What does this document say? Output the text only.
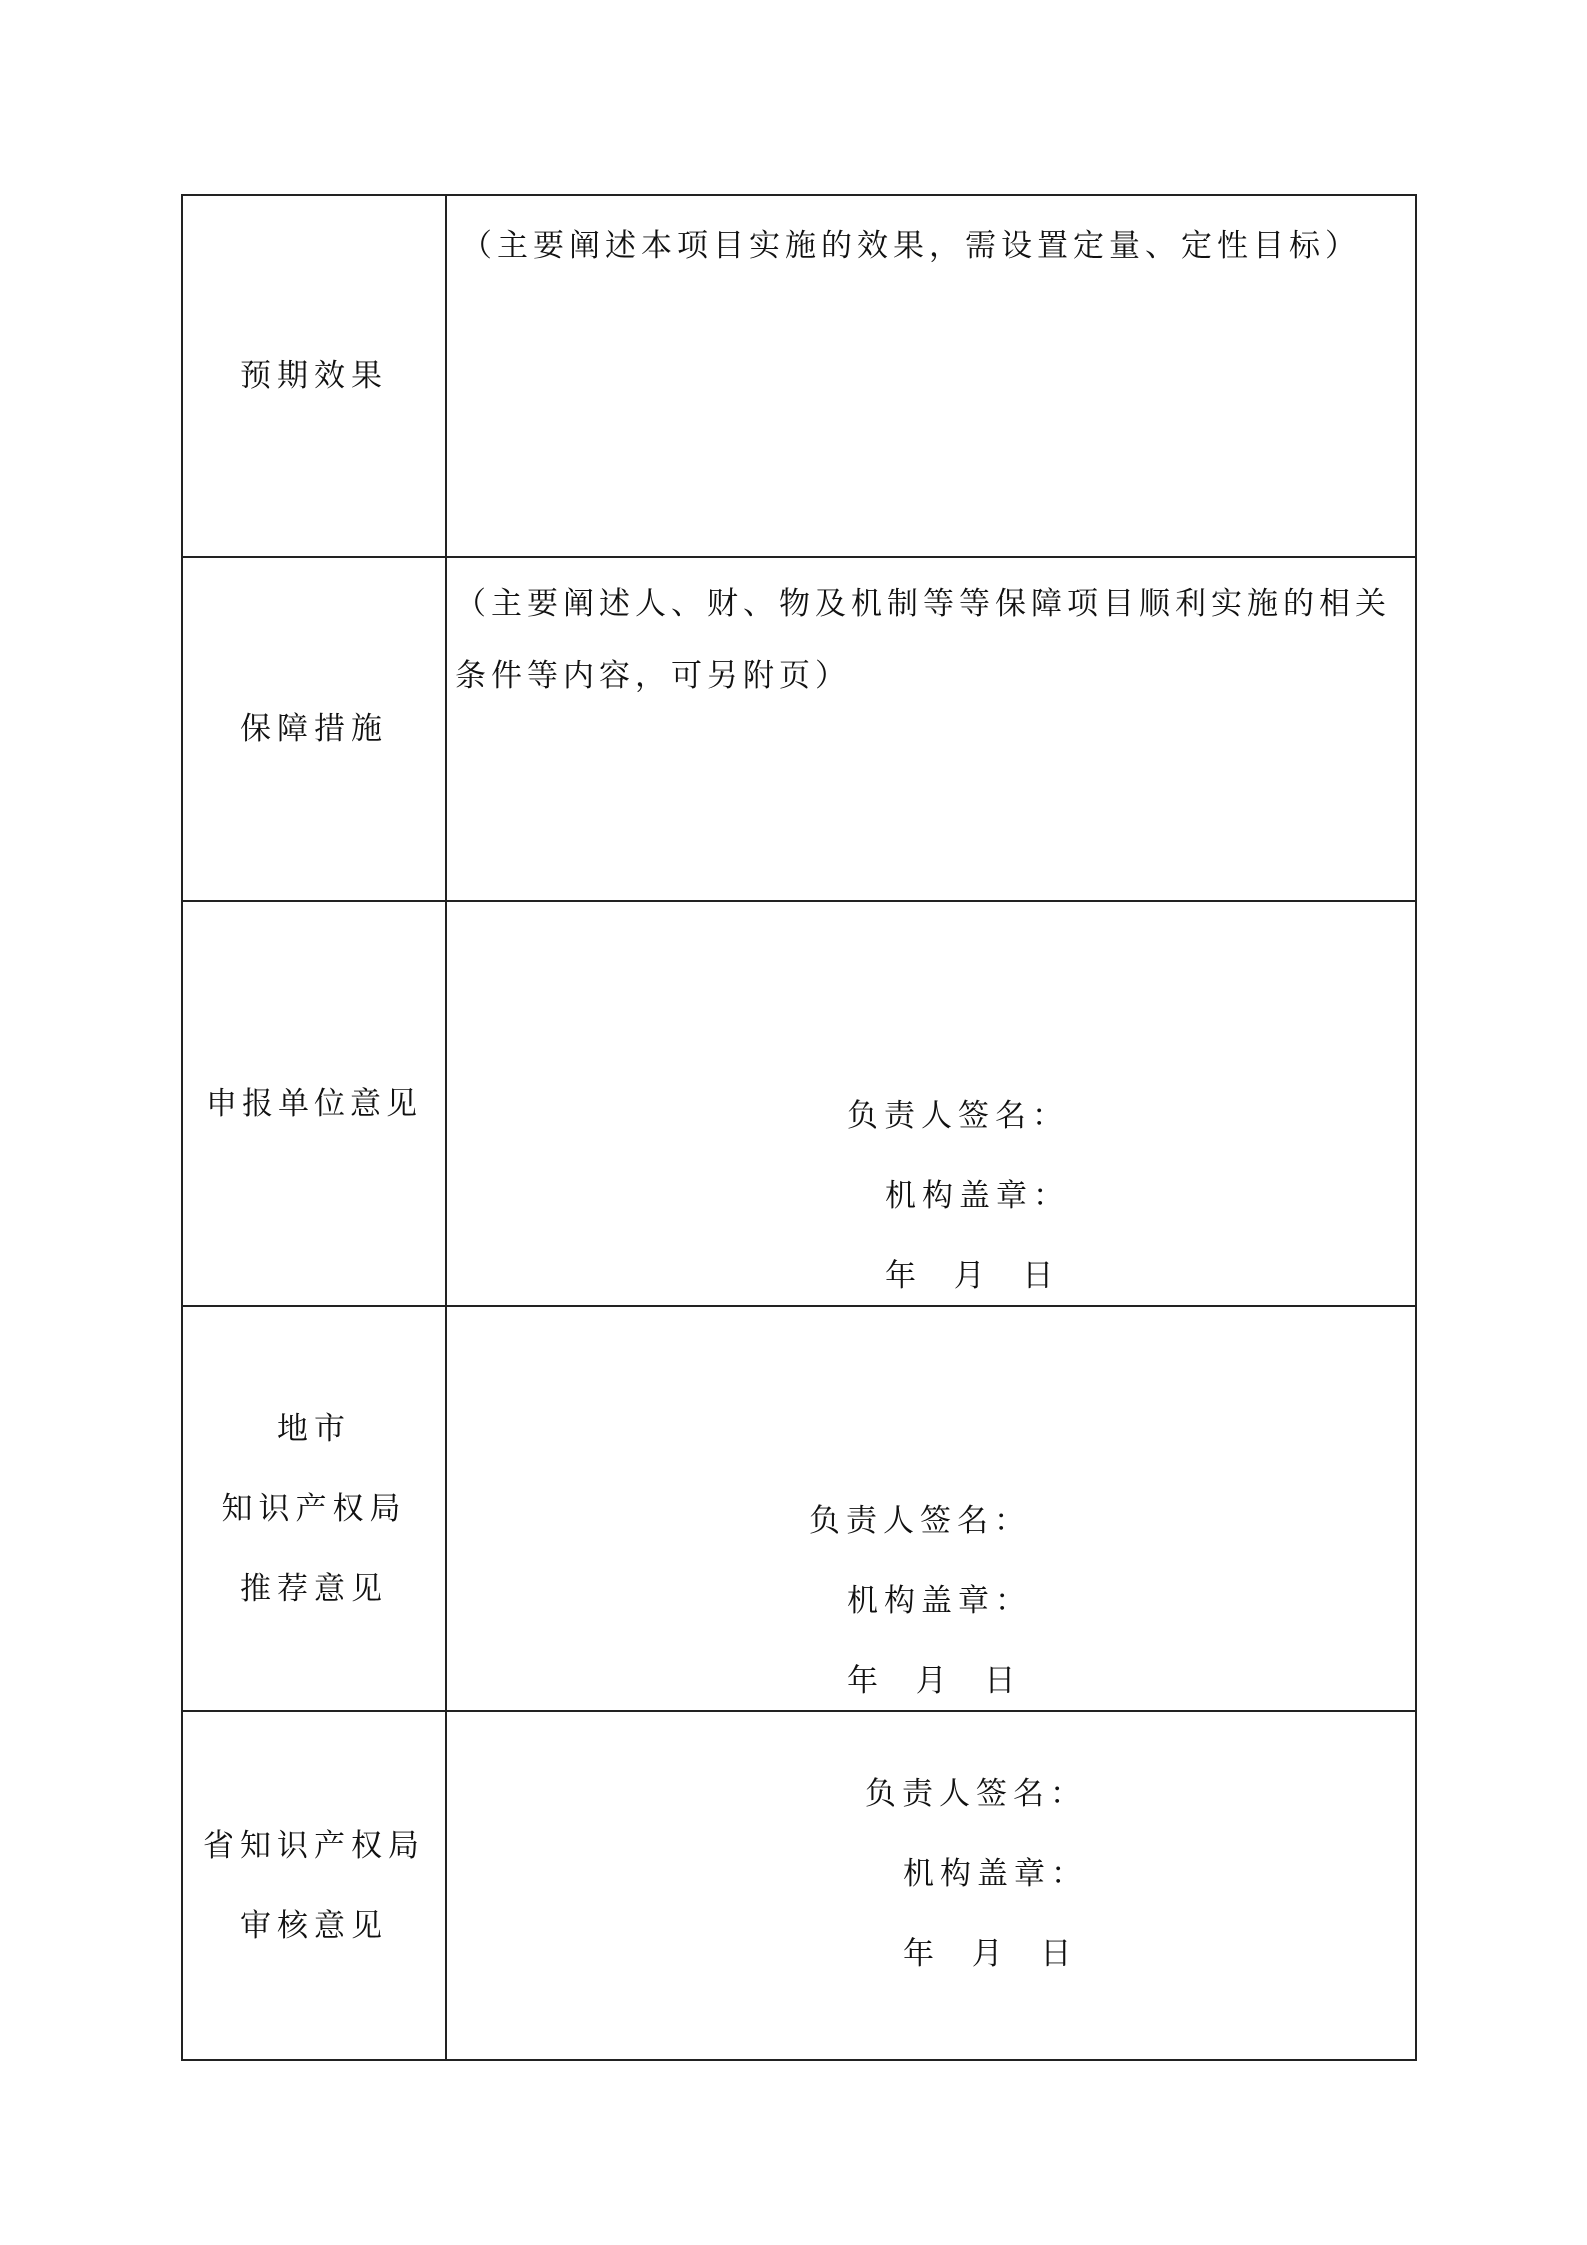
预期效果	（主要阐述本项目实施的效果，需设置定量、定性目标）

保障措施	（主要阐述人、财、物及机制等等保障项目顺利实施的相关条件等内容，可另附页）

申报单位意见	负责人签名：
机构盖章：
年  月  日

地市
知识产权局
推荐意见	负责人签名：
机构盖章：
年  月  日

省知识产权局
审核意见	负责人签名：
机构盖章：
年  月  日
